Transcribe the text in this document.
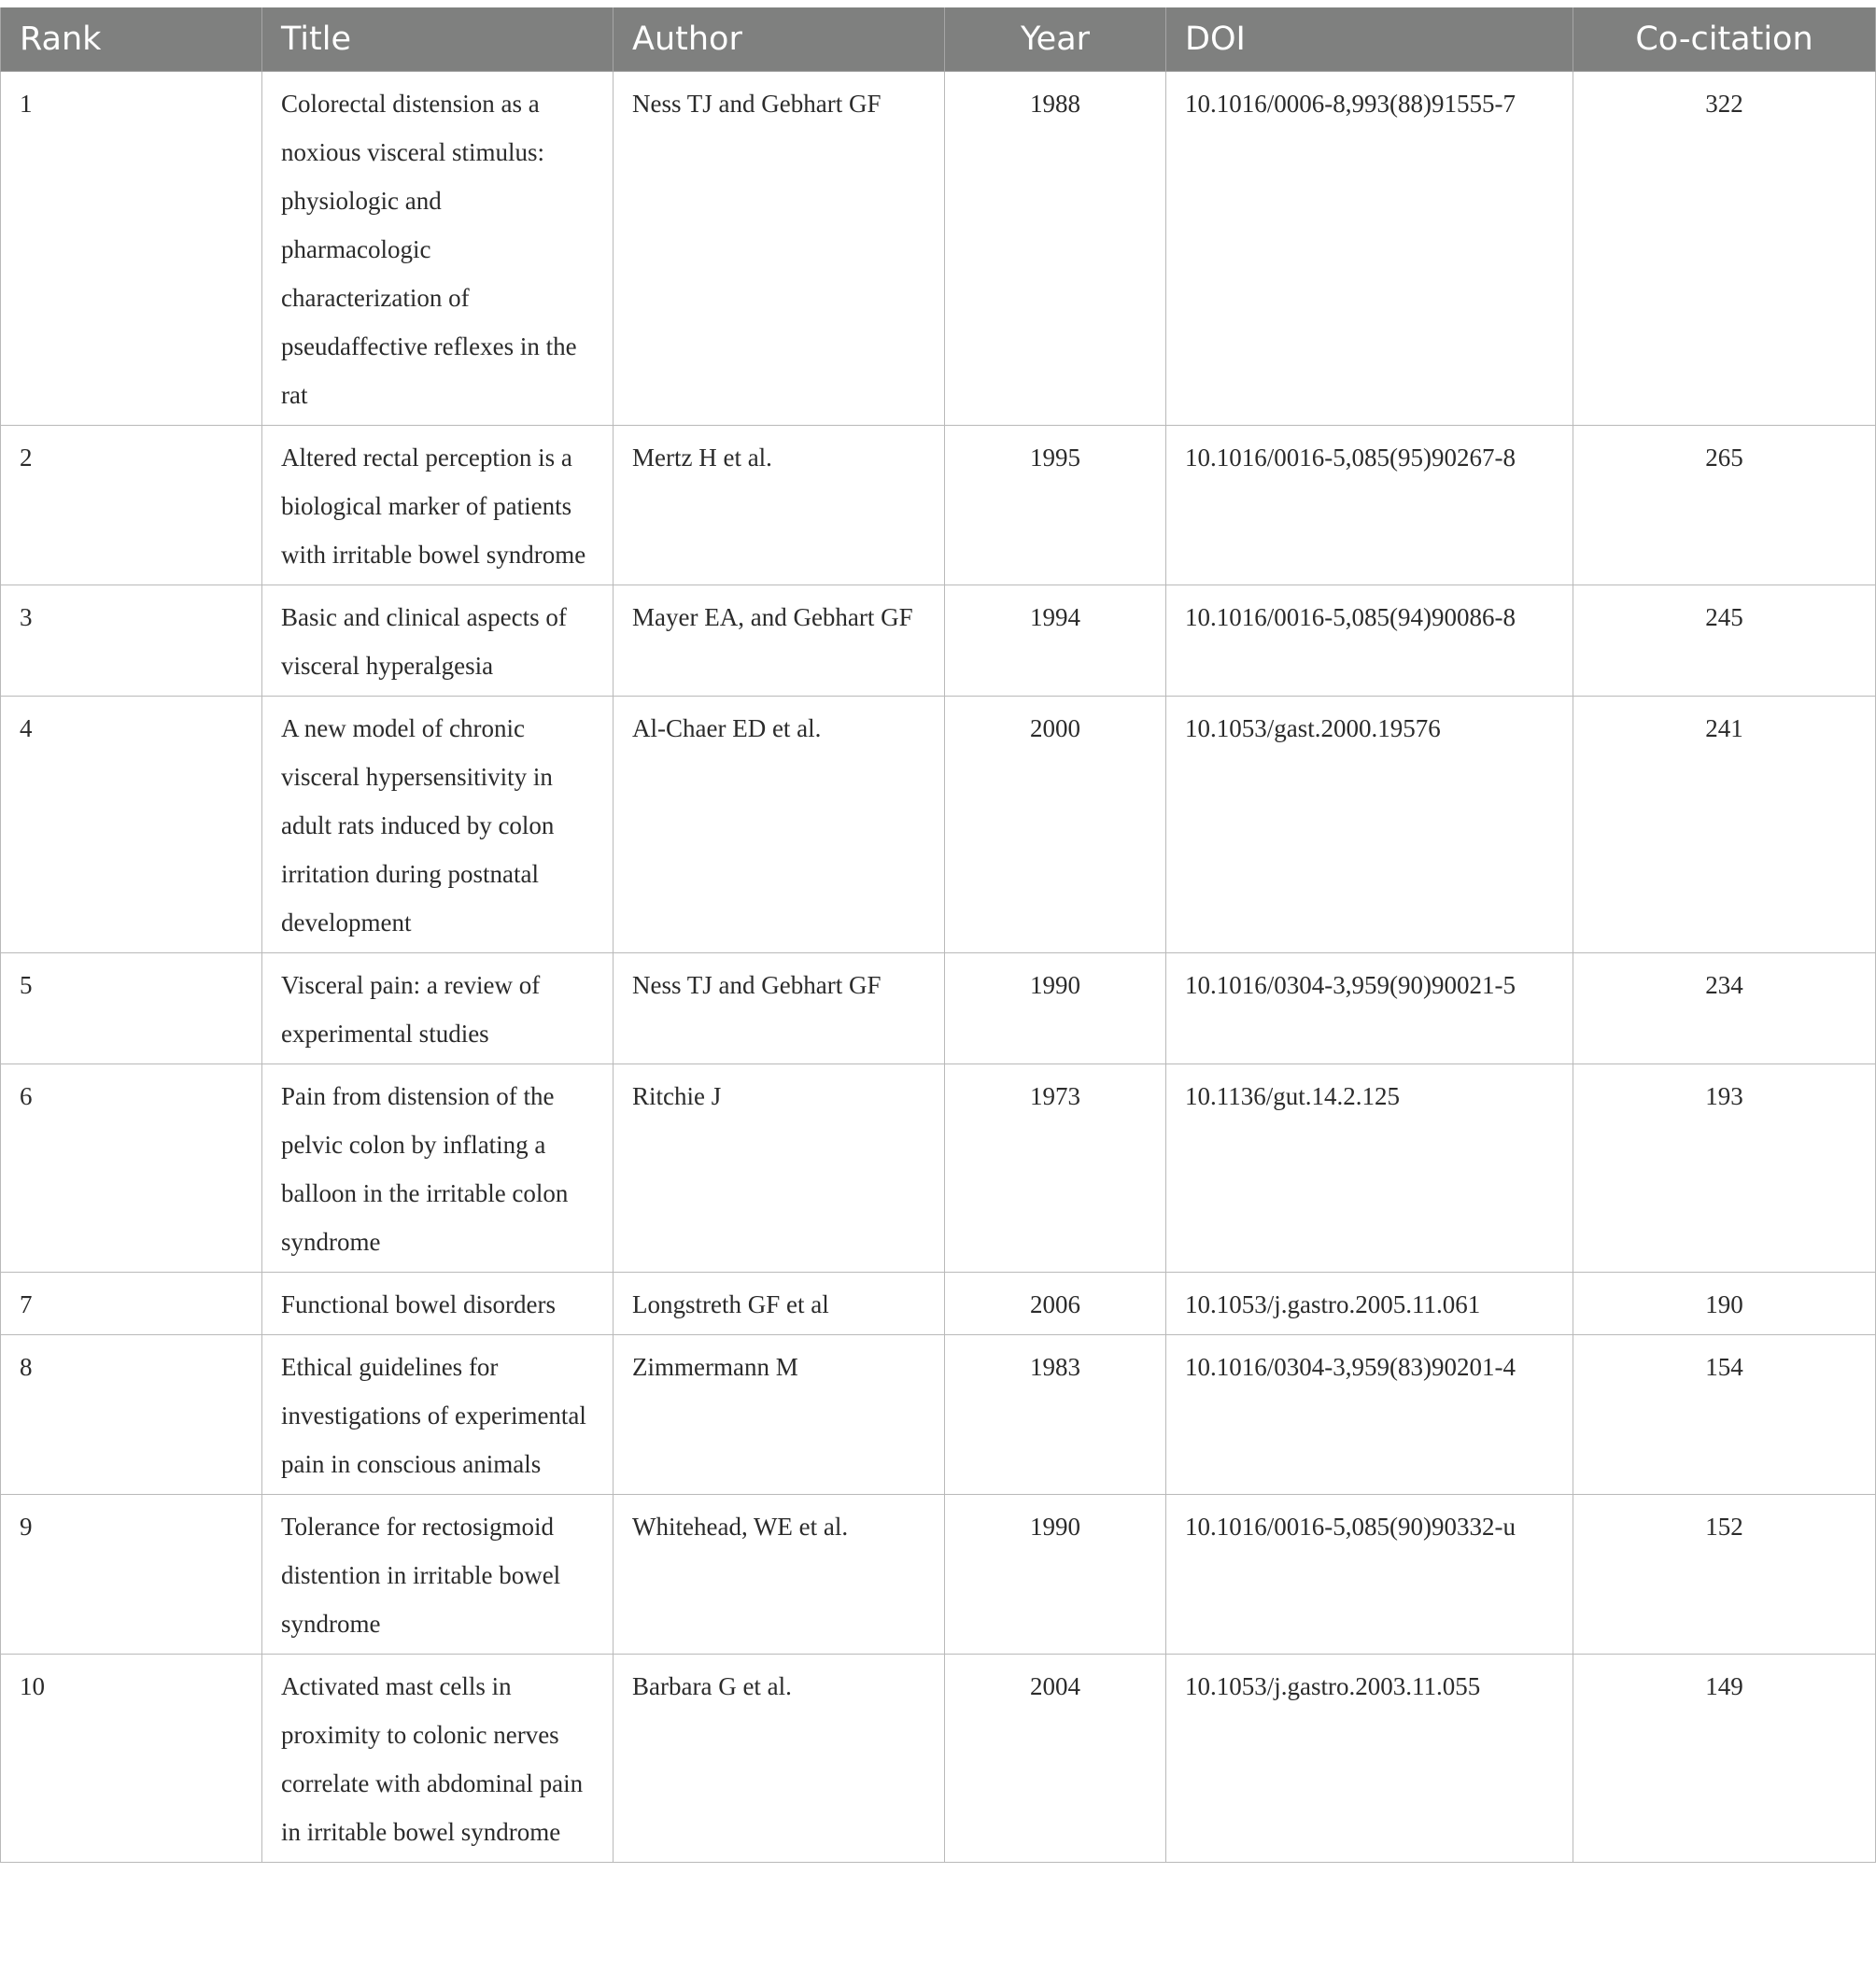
Rank	Title	Author	Year	DOI	Co-citation
1	Colorectal distension as a noxious visceral stimulus: physiologic and pharmacologic characterization of pseudaffective reflexes in the rat	Ness TJ and Gebhart GF	1988	10.1016/0006-8,993(88)91555-7	322
2	Altered rectal perception is a biological marker of patients with irritable bowel syndrome	Mertz H et al.	1995	10.1016/0016-5,085(95)90267-8	265
3	Basic and clinical aspects of visceral hyperalgesia	Mayer EA, and Gebhart GF	1994	10.1016/0016-5,085(94)90086-8	245
4	A new model of chronic visceral hypersensitivity in adult rats induced by colon irritation during postnatal development	Al-Chaer ED et al.	2000	10.1053/gast.2000.19576	241
5	Visceral pain: a review of experimental studies	Ness TJ and Gebhart GF	1990	10.1016/0304-3,959(90)90021-5	234
6	Pain from distension of the pelvic colon by inflating a balloon in the irritable colon syndrome	Ritchie J	1973	10.1136/gut.14.2.125	193
7	Functional bowel disorders	Longstreth GF et al	2006	10.1053/j.gastro.2005.11.061	190
8	Ethical guidelines for investigations of experimental pain in conscious animals	Zimmermann M	1983	10.1016/0304-3,959(83)90201-4	154
9	Tolerance for rectosigmoid distention in irritable bowel syndrome	Whitehead, WE et al.	1990	10.1016/0016-5,085(90)90332-u	152
10	Activated mast cells in proximity to colonic nerves correlate with abdominal pain in irritable bowel syndrome	Barbara G et al.	2004	10.1053/j.gastro.2003.11.055	149
